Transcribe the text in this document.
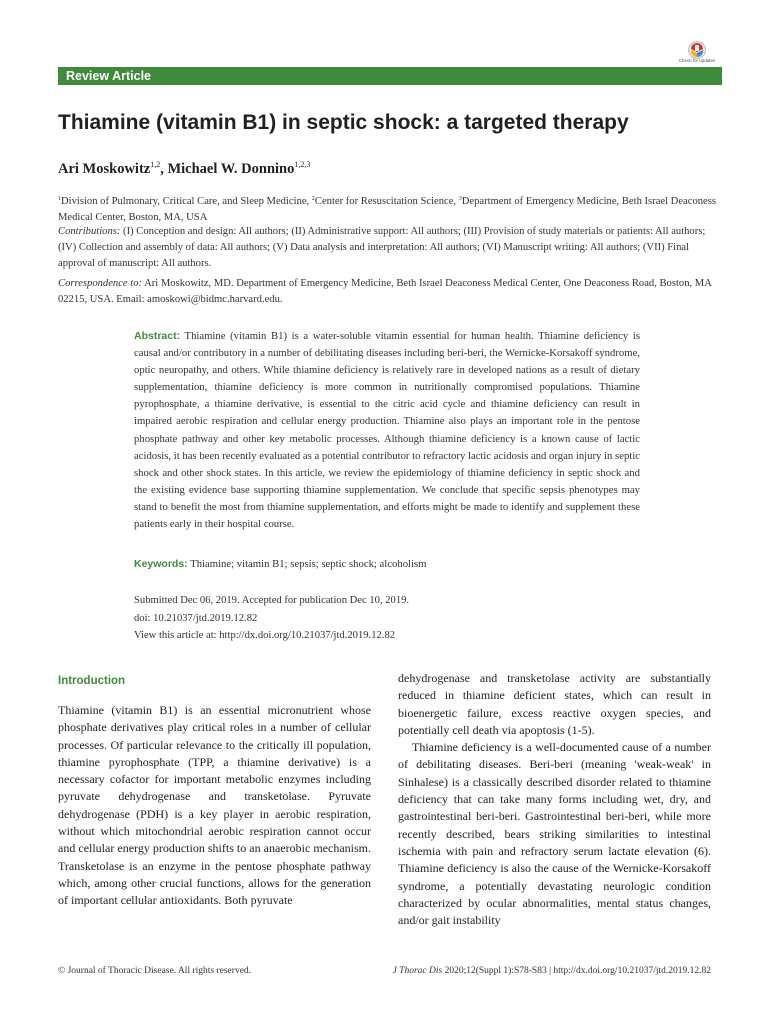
Review Article
Check for updates
Thiamine (vitamin B1) in septic shock: a targeted therapy
Ari Moskowitz$^{1,2}$, Michael W. Donnino$^{1,2,3}$
$^1$Division of Pulmonary, Critical Care, and Sleep Medicine, $^2$Center for Resuscitation Science, $^3$Department of Emergency Medicine, Beth Israel Deaconess Medical Center, Boston, MA, USA
Contributions: (I) Conception and design: All authors; (II) Administrative support: All authors; (III) Provision of study materials or patients: All authors; (IV) Collection and assembly of data: All authors; (V) Data analysis and interpretation: All authors; (VI) Manuscript writing: All authors; (VII) Final approval of manuscript: All authors.
Correspondence to: Ari Moskowitz, MD. Department of Emergency Medicine, Beth Israel Deaconess Medical Center, One Deaconess Road, Boston, MA 02215, USA. Email: amoskowi@bidmc.harvard.edu.
Abstract: Thiamine (vitamin B1) is a water-soluble vitamin essential for human health. Thiamine deficiency is causal and/or contributory in a number of debilitating diseases including beri-beri, the Wernicke-Korsakoff syndrome, optic neuropathy, and others. While thiamine deficiency is relatively rare in developed nations as a result of dietary supplementation, thiamine deficiency is more common in nutritionally compromised populations. Thiamine pyrophosphate, a thiamine derivative, is essential to the citric acid cycle and thiamine deficiency can result in impaired aerobic respiration and cellular energy production. Thiamine also plays an important role in the pentose phosphate pathway and other key metabolic processes. Although thiamine deficiency is a known cause of lactic acidosis, it has been recently evaluated as a potential contributor to refractory lactic acidosis and organ injury in septic shock and other shock states. In this article, we review the epidemiology of thiamine deficiency in septic shock and the existing evidence base supporting thiamine supplementation. We conclude that specific sepsis phenotypes may stand to benefit the most from thiamine supplementation, and efforts might be made to identify and supplement these patients early in their hospital course.
Keywords: Thiamine; vitamin B1; sepsis; septic shock; alcoholism
Submitted Dec 06, 2019. Accepted for publication Dec 10, 2019.
doi: 10.21037/jtd.2019.12.82
View this article at: http://dx.doi.org/10.21037/jtd.2019.12.82
Introduction

Thiamine (vitamin B1) is an essential micronutrient whose phosphate derivatives play critical roles in a number of cellular processes. Of particular relevance to the critically ill population, thiamine pyrophosphate (TPP, a thiamine derivative) is a necessary cofactor for important metabolic enzymes including pyruvate dehydrogenase and transketolase. Pyruvate dehydrogenase (PDH) is a key player in aerobic respiration, without which mitochondrial aerobic respiration cannot occur and cellular energy production shifts to an anaerobic mechanism. Transketolase is an enzyme in the pentose phosphate pathway which, among other crucial functions, allows for the generation of important cellular antioxidants. Both pyruvate

dehydrogenase and transketolase activity are substantially reduced in thiamine deficient states, which can result in bioenergetic failure, excess reactive oxygen species, and potentially cell death via apoptosis (1-5).

Thiamine deficiency is a well-documented cause of a number of debilitating diseases. Beri-beri (meaning 'weak-weak' in Sinhalese) is a classically described disorder related to thiamine deficiency that can take many forms including wet, dry, and gastrointestinal beri-beri. Gastrointestinal beri-beri, while more recently described, bears striking similarities to intestinal ischemia with pain and refractory serum lactate elevation (6). Thiamine deficiency is also the cause of the Wernicke-Korsakoff syndrome, a potentially devastating neurologic condition characterized by ocular abnormalities, mental status changes, and/or gait instability

© Journal of Thoracic Disease. All rights reserved.	J Thorac Dis 2020;12(Suppl 1):S78-S83 | http://dx.doi.org/10.21037/jtd.2019.12.82
